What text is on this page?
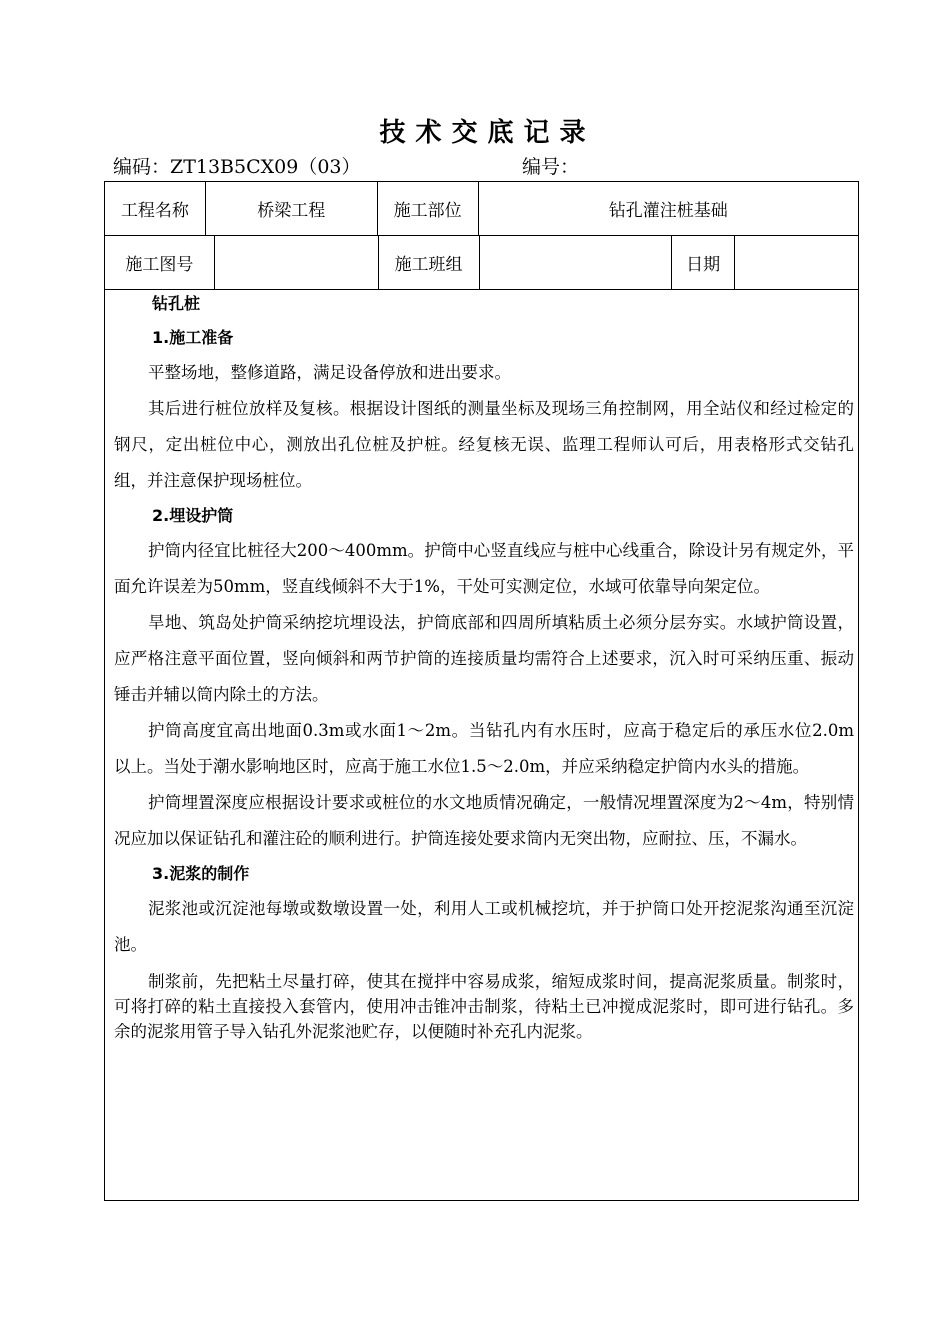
技术交底记录
编码：ZT13B5CX09（03）	编号：
工程名称	桥梁工程	施工部位	钻孔灌注桩基础
施工图号		施工班组		日期	
钻孔桩
1.施工准备

平整场地，整修道路，满足设备停放和进出要求。

其后进行桩位放样及复核。根据设计图纸的测量坐标及现场三角控制网，用全站仪和经过检定的钢尺，定出桩位中心，测放出孔位桩及护桩。经复核无误、监理工程师认可后，用表格形式交钻孔组，并注意保护现场桩位。

2.埋设护筒

护筒内径宜比桩径大200～400mm。护筒中心竖直线应与桩中心线重合，除设计另有规定外，平面允许误差为50mm，竖直线倾斜不大于1%，干处可实测定位，水域可依靠导向架定位。

旱地、筑岛处护筒采纳挖坑埋设法，护筒底部和四周所填粘质土必须分层夯实。水域护筒设置，应严格注意平面位置，竖向倾斜和两节护筒的连接质量均需符合上述要求，沉入时可采纳压重、振动锤击并辅以筒内除土的方法。

护筒高度宜高出地面0.3m或水面1～2m。当钻孔内有水压时，应高于稳定后的承压水位2.0m　以上。当处于潮水影响地区时，应高于施工水位1.5～2.0m，并应采纳稳定护筒内水头的措施。

护筒埋置深度应根据设计要求或桩位的水文地质情况确定，一般情况埋置深度为2～4m，特别情况应加以保证钻孔和灌注砼的顺利进行。护筒连接处要求筒内无突出物，应耐拉、压，不漏水。

3.泥浆的制作

泥浆池或沉淀池每墩或数墩设置一处，利用人工或机械挖坑，并于护筒口处开挖泥浆沟通至沉淀池。

制浆前，先把粘土尽量打碎，使其在搅拌中容易成浆，缩短成浆时间，提高泥浆质量。制浆时，可将打碎的粘土直接投入套管内，使用冲击锥冲击制浆，待粘土已冲搅成泥浆时，即可进行钻孔。多余的泥浆用管子导入钻孔外泥浆池贮存，以便随时补充孔内泥浆。
